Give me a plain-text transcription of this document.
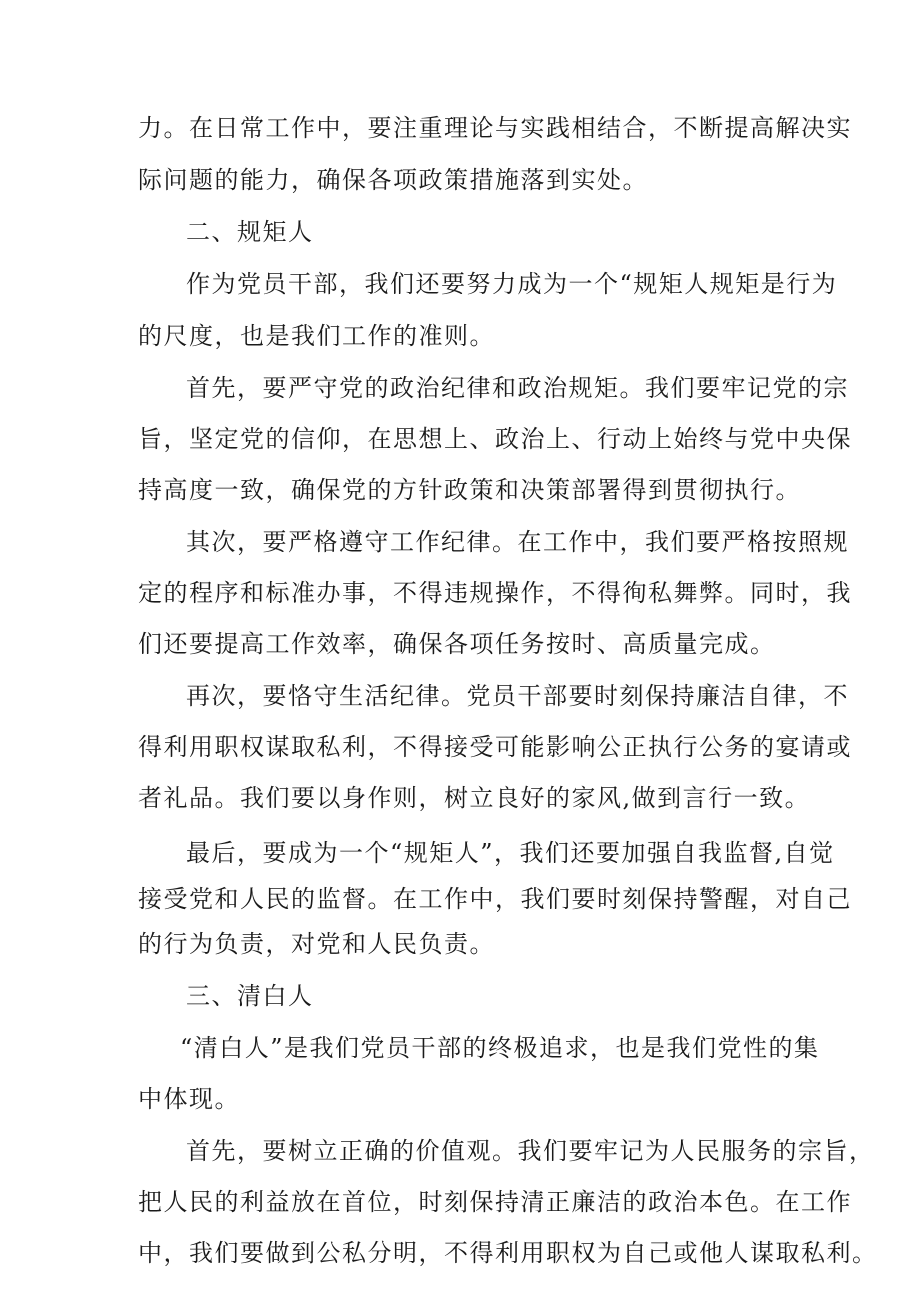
力。在日常工作中，要注重理论与实践相结合，不断提高解决实
际问题的能力，确保各项政策措施落到实处。
二、规矩人
作为党员干部，我们还要努力成为一个“规矩人规矩是行为
的尺度，也是我们工作的准则。
首先，要严守党的政治纪律和政治规矩。我们要牢记党的宗
旨，坚定党的信仰，在思想上、政治上、行动上始终与党中央保
持高度一致，确保党的方针政策和决策部署得到贯彻执行。
其次，要严格遵守工作纪律。在工作中，我们要严格按照规
定的程序和标准办事，不得违规操作，不得徇私舞弊。同时，我
们还要提高工作效率，确保各项任务按时、高质量完成。
再次，要恪守生活纪律。党员干部要时刻保持廉洁自律，不
得利用职权谋取私利，不得接受可能影响公正执行公务的宴请或
者礼品。我们要以身作则，树立良好的家风,做到言行一致。
最后，要成为一个“规矩人”，我们还要加强自我监督,自觉
接受党和人民的监督。在工作中，我们要时刻保持警醒，对自己
的行为负责，对党和人民负责。
三、清白人
“清白人”是我们党员干部的终极追求，也是我们党性的集
中体现。
首先，要树立正确的价值观。我们要牢记为人民服务的宗旨，
把人民的利益放在首位，时刻保持清正廉洁的政治本色。在工作
中，我们要做到公私分明，不得利用职权为自己或他人谋取私利。
